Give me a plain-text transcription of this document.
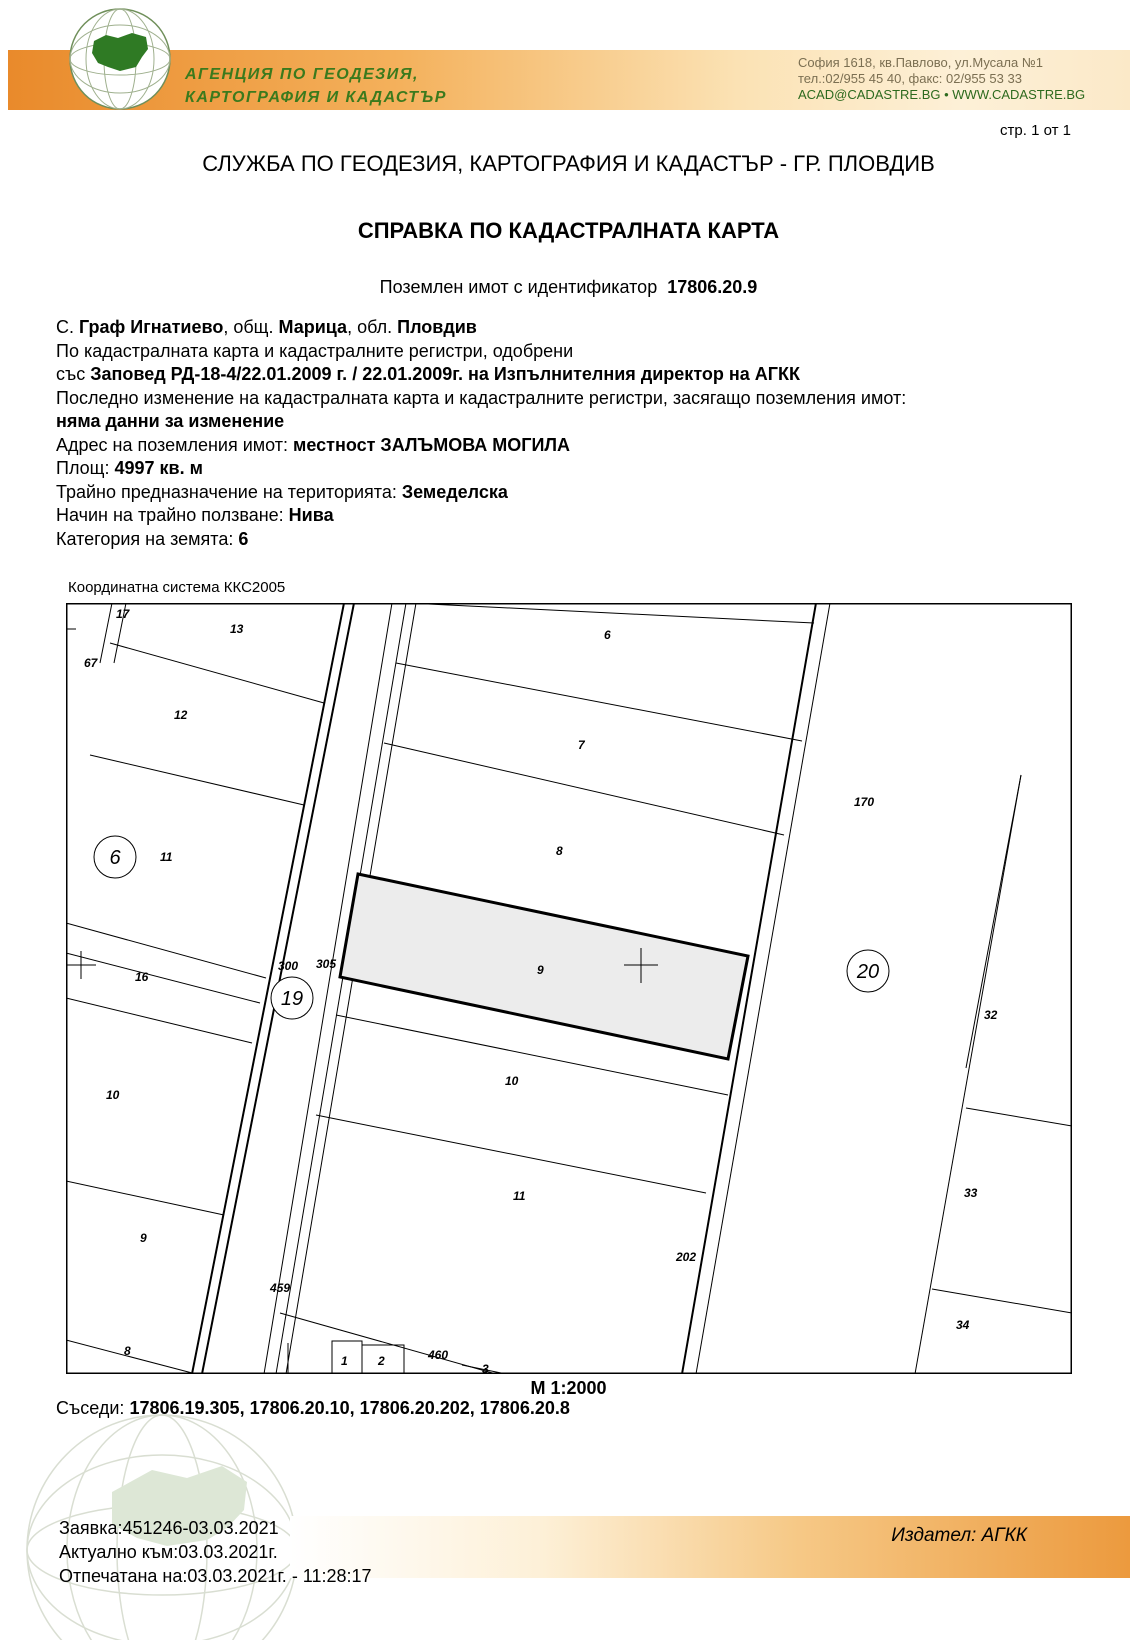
АГЕНЦИЯ ПО ГЕОДЕЗИЯ,
КАРТОГРАФИЯ И КАДАСТЪР
София 1618, кв.Павлово, ул.Мусала №1
тел.:02/955 45 40, факс: 02/955 53 33
ACAD@CADASTRE.BG • WWW.CADASTRE.BG
стр. 1 от 1
СЛУЖБА ПО ГЕОДЕЗИЯ, КАРТОГРАФИЯ И КАДАСТЪР - ГР. ПЛОВДИВ
СПРАВКА ПО КАДАСТРАЛНАТА КАРТА
Поземлен имот с идентификатор 17806.20.9
С. Граф Игнатиево, общ. Марица, обл. Пловдив
По кадастралната карта и кадастралните регистри, одобрени
със Заповед РД-18-4/22.01.2009 г. / 22.01.2009г. на Изпълнителния директор на АГКК
Последно изменение на кадастралната карта и кадастралните регистри, засягащо поземления имот:
няма данни за изменение
Адрес на поземления имот: местност ЗАЛЪМОВА МОГИЛА
Площ: 4997 кв. м
Трайно предназначение на територията: Земеделска
Начин на трайно ползване: Нива
Категория на земята: 6
Координатна система ККС2005
6
19
20
17
13
67
12
11
16
10
9
8
459
1	2	460
3
6
7
8
9
10
11
300 305
202
170
32
33
34
М 1:2000
Съседи: 17806.19.305, 17806.20.10, 17806.20.202, 17806.20.8
Заявка:451246-03.03.2021
Актуално към:03.03.2021г.
Отпечатана на:03.03.2021г. - 11:28:17
Издател: АГКК
